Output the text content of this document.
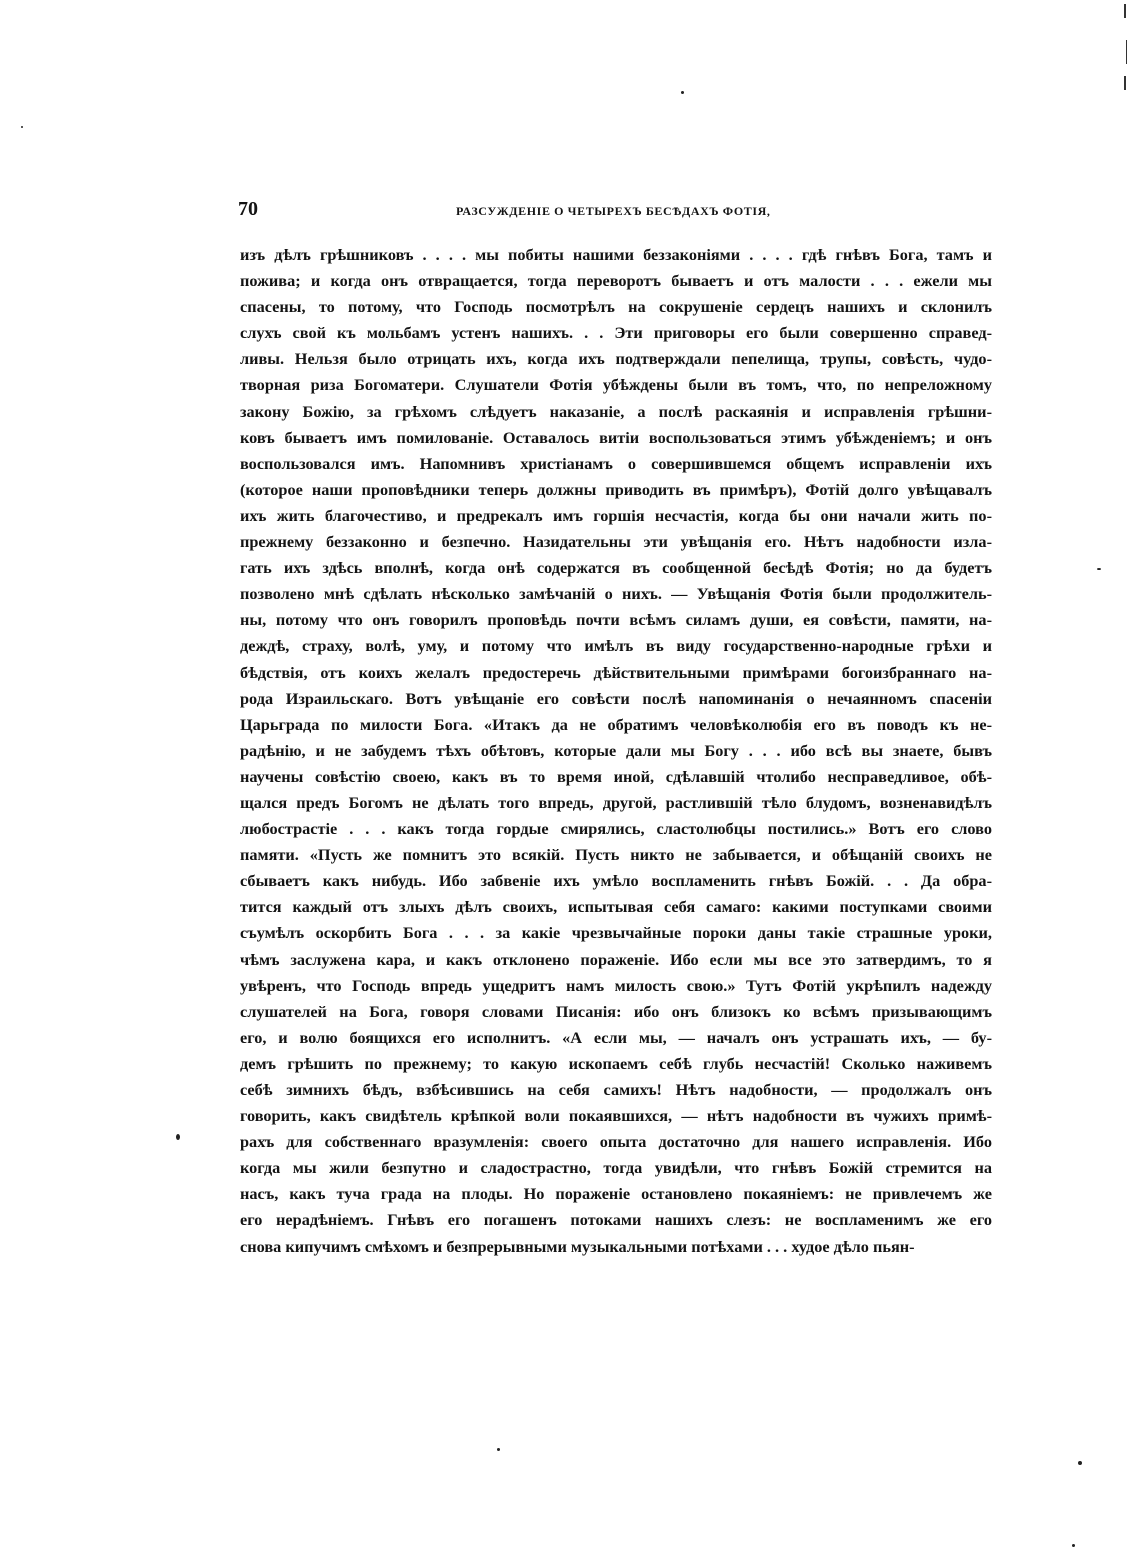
70	РАЗСУЖДЕНІЕ О ЧЕТЫРЕХЪ БЕСѢДАХЪ ФОТІЯ,
изъ дѣлъ грѣшниковъ . . . . мы побиты нашими беззаконіями . . . . гдѣ гнѣвъ Бога, тамъ и
пожива; и когда онъ отвращается, тогда переворотъ бываетъ и отъ малости . . . ежели мы
спасены, то потому, что Господь посмотрѣлъ на сокрушеніе сердецъ нашихъ и склонилъ
слухъ свой къ мольбамъ устенъ нашихъ. . . Эти приговоры его были совершенно справед-
ливы. Нельзя было отрицать ихъ, когда ихъ подтверждали пепелища, трупы, совѣсть, чудо-
творная риза Богоматери. Слушатели Фотія убѣждены были въ томъ, что, по непреложному
закону Божію, за грѣхомъ слѣдуетъ наказаніе, а послѣ раскаянія и исправленія грѣшни-
ковъ бываетъ имъ помилованіе. Оставалось витіи воспользоваться этимъ убѣжденіемъ; и онъ
воспользовался имъ. Напомнивъ христіанамъ о совершившемся общемъ исправленіи ихъ
(которое наши проповѣдники теперь должны приводить въ примѣръ), Фотій долго увѣщавалъ
ихъ жить благочестиво, и предрекалъ имъ горшія несчастія, когда бы они начали жить по-
прежнему беззаконно и безпечно. Назидательны эти увѣщанія его. Нѣтъ надобности изла-
гать ихъ здѣсь вполнѣ, когда онѣ содержатся въ сообщенной бесѣдѣ Фотія; но да будетъ
позволено мнѣ сдѣлать нѣсколько замѣчаній о нихъ. — Увѣщанія Фотія были продолжитель-
ны, потому что онъ говорилъ проповѣдь почти всѣмъ силамъ души, ея совѣсти, памяти, на-
деждѣ, страху, волѣ, уму, и потому что имѣлъ въ виду государственно-народные грѣхи и
бѣдствія, отъ коихъ желалъ предостеречь дѣйствительными примѣрами богоизбраннаго на-
рода Израильскаго. Вотъ увѣщаніе его совѣсти послѣ напоминанія о нечаянномъ спасеніи
Царьграда по милости Бога. «Итакъ да не обратимъ человѣколюбія его въ поводъ къ не-
радѣнію, и не забудемъ тѣхъ обѣтовъ, которые дали мы Богу . . . ибо всѣ вы знаете, бывъ
научены совѣстію своею, какъ въ то время иной, сдѣлавшій чтолибо несправедливое, обѣ-
щался предъ Богомъ не дѣлать того впредь, другой, растлившій тѣло блудомъ, возненавидѣлъ
любострастіе . . . какъ тогда гордые смирялись, сластолюбцы постились.» Вотъ его слово
памяти. «Пусть же помнитъ это всякій. Пусть никто не забывается, и обѣщаній своихъ не
сбываетъ какъ нибудь. Ибо забвеніе ихъ умѣло воспламенить гнѣвъ Божій. . . Да обра-
тится каждый отъ злыхъ дѣлъ своихъ, испытывая себя самаго: какими поступками своими
съумѣлъ оскорбить Бога . . . за какіе чрезвычайные пороки даны такіе страшные уроки,
чѣмъ заслужена кара, и какъ отклонено пораженіе. Ибо если мы все это затвердимъ, то я
увѣренъ, что Господь впредь ущедритъ намъ милость свою.» Тутъ Фотій укрѣпилъ надежду
слушателей на Бога, говоря словами Писанія: ибо онъ близокъ ко всѣмъ призывающимъ
его, и волю боящихся его исполнитъ. «А если мы, — началъ онъ устрашать ихъ, — бу-
демъ грѣшить по прежнему; то какую ископаемъ себѣ глубь несчастій! Сколько наживемъ
себѣ зимнихъ бѣдъ, взбѣсившись на себя самихъ! Нѣтъ надобности, — продолжалъ онъ
говорить, какъ свидѣтель крѣпкой воли покаявшихся, — нѣтъ надобности въ чужихъ примѣ-
рахъ для собственнаго вразумленія: своего опыта достаточно для нашего исправленія. Ибо
когда мы жили безпутно и сладострастно, тогда увидѣли, что гнѣвъ Божій стремится на
насъ, какъ туча града на плоды. Но пораженіе остановлено покаяніемъ: не привлечемъ же
его нерадѣніемъ. Гнѣвъ его погашенъ потоками нашихъ слезъ: не воспламенимъ же его
снова кипучимъ смѣхомъ и безпрерывными музыкальными потѣхами . . . худое дѣло пьян-
